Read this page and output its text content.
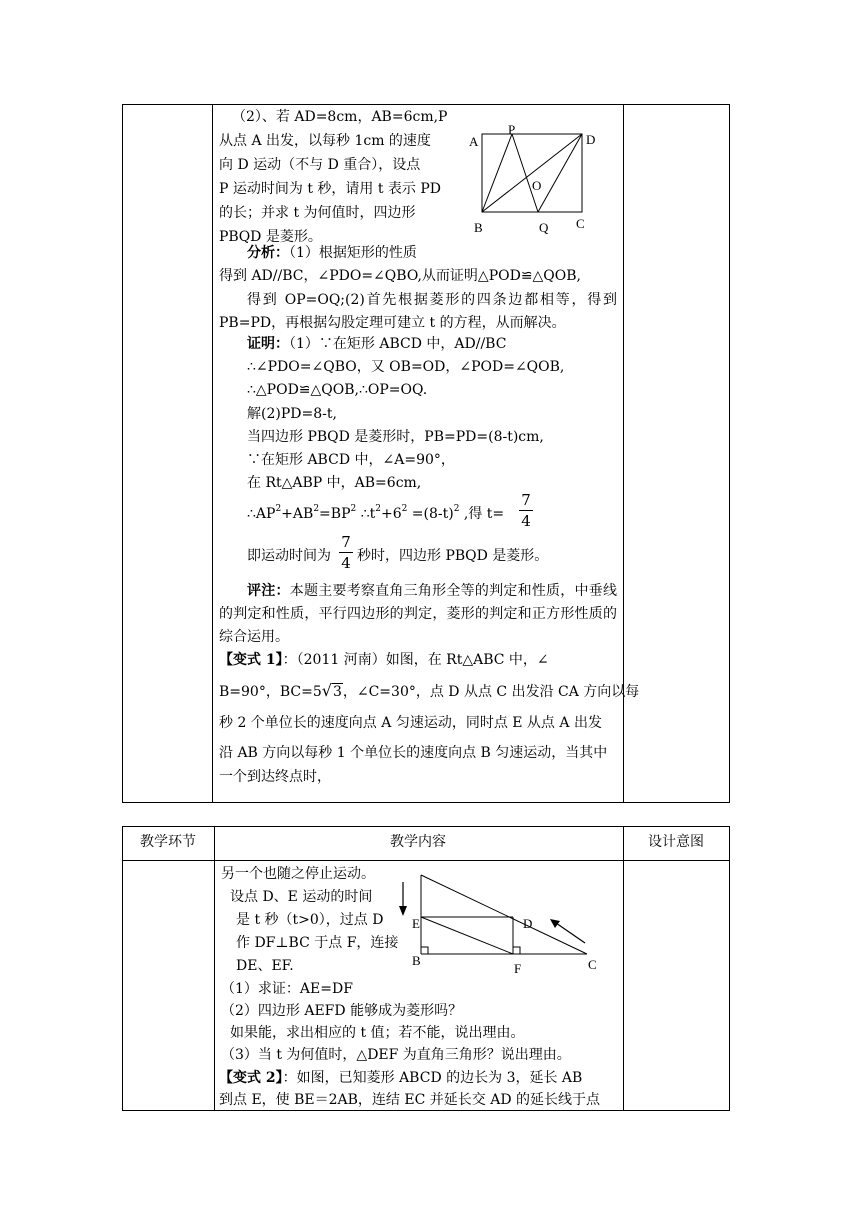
（2）、若 AD=8cm，AB=6cm,P
从点 A 出发，以每秒 1cm 的速度
向 D 运动（不与 D 重合），设点
P 运动时间为 t 秒，请用 t 表示 PD
的长；并求 t 为何值时，四边形
PBQD 是菱形。
A
P
D
O
B	Q C
分析：（1）根据矩形的性质
得到 AD//BC，∠PDO=∠QBO,从而证明△POD≌△QOB,
得到 OP=OQ;(2)首先根据菱形的四条边都相等，得到 PB=PD，再根据勾股定理可建立 t 的方程，从而解决。
证明：（1）∵在矩形 ABCD 中，AD//BC
∴∠PDO=∠QBO，又 OB=OD，∠POD=∠QOB,
∴△POD≌△QOB,∴OP=OQ.
解(2)PD=8-t,
当四边形 PBQD 是菱形时，PB=PD=(8-t)cm,
∵在矩形 ABCD 中，∠A=90°，
在 Rt△ABP 中，AB=6cm,
$\therefore AP^2+AB^2=BP^2$ $\therefore t^2+6^2 =(8-t)^2$ ,得 t=
7
4
即运动时间为
7
4 秒时，四边形 PBQD 是菱形。
评注：本题主要考察直角三角形全等的判定和性质，中垂线的判定和性质，平行四边形的判定，菱形的判定和正方形性质的综合运用。
【变式 1】：（2011 河南）如图，在 Rt△ABC 中，∠
B=90°，BC=5√3，∠C=30°，点 D 从点 C 出发沿 CA 方向以每
秒 2 个单位长的速度向点 A 匀速运动，同时点 E 从点 A 出发
沿 AB 方向以每秒 1 个单位长的速度向点 B 匀速运动，当其中
一个到达终点时，
教学环节	教学内容	设计意图
另一个也随之停止运动。
设点 D、E 运动的时间
是 t 秒（t>0），过点 D
作 DF⊥BC 于点 F，连接
DE、EF.
E	D
B
F	C
（1）求证：AE=DF
（2）四边形 AEFD 能够成为菱形吗？
如果能，求出相应的 t 值；若不能，说出理由。
（3）当 t 为何值时，△DEF 为直角三角形？说出理由。
【变式 2】：如图，已知菱形 ABCD 的边长为 3，延长 AB
到点 E，使 BE＝2AB，连结 EC 并延长交 AD 的延长线于点
